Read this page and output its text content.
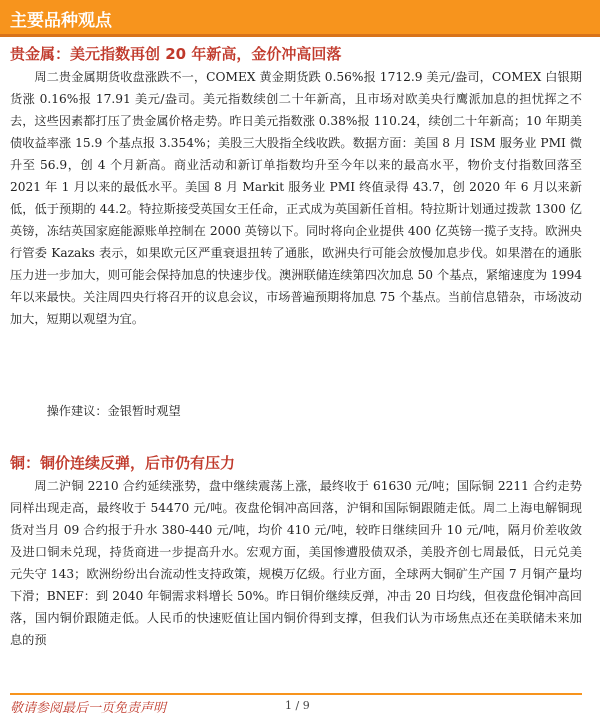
主要品种观点
贵金属：美元指数再创 20 年新高，金价冲高回落

周二贵金属期货收盘涨跌不一，COMEX 黄金期货跌 0.56%报 1712.9 美元/盎司，COMEX 白银期货涨 0.16%报 17.91 美元/盎司。美元指数续创二十年新高，且市场对欧美央行鹰派加息的担忧挥之不去，这些因素都打压了贵金属价格走势。昨日美元指数涨 0.38%报 110.24，续创二十年新高；10 年期美债收益率涨 15.9 个基点报 3.354%；美股三大股指全线收跌。数据方面：美国 8 月 ISM 服务业 PMI 微升至 56.9，创 4 个月新高。商业活动和新订单指数均升至今年以来的最高水平，物价支付指数回落至 2021 年 1 月以来的最低水平。美国 8 月 Markit 服务业 PMI 终值录得 43.7，创 2020 年 6 月以来新低，低于预期的 44.2。特拉斯接受英国女王任命，正式成为英国新任首相。特拉斯计划通过拨款 1300 亿英镑，冻结英国家庭能源账单控制在 2000 英镑以下。同时将向企业提供 400 亿英镑一揽子支持。欧洲央行管委 Kazaks 表示，如果欧元区严重衰退扭转了通胀，欧洲央行可能会放慢加息步伐。如果潜在的通胀压力进一步加大，则可能会保持加息的快速步伐。澳洲联储连续第四次加息 50 个基点，紧缩速度为 1994 年以来最快。关注周四央行将召开的议息会议，市场普遍预期将加息 75 个基点。当前信息错杂，市场波动加大，短期以观望为宜。

操作建议：金银暂时观望

铜：铜价连续反弹，后市仍有压力

周二沪铜 2210 合约延续涨势，盘中继续震荡上涨，最终收于 61630 元/吨；国际铜 2211 合约走势同样出现走高，最终收于 54470 元/吨。夜盘伦铜冲高回落，沪铜和国际铜跟随走低。周二上海电解铜现货对当月 09 合约报于升水 380-440 元/吨，均价 410 元/吨，较昨日继续回升 10 元/吨，隔月价差收敛及进口铜未兑现，持货商进一步提高升水。宏观方面，美国惨遭股债双杀，美股齐创七周最低，日元兑美元失守 143；欧洲纷纷出台流动性支持政策，规模万亿级。行业方面，全球两大铜矿生产国 7 月铜产量均下滑；BNEF：到 2040 年铜需求料增长 50%。昨日铜价继续反弹，冲击 20 日均线，但夜盘伦铜冲高回落，国内铜价跟随走低。人民币的快速贬值让国内铜价得到支撑，但我们认为市场焦点还在美联储未来加息的预

敬请参阅最后一页免责声明	1 / 9
